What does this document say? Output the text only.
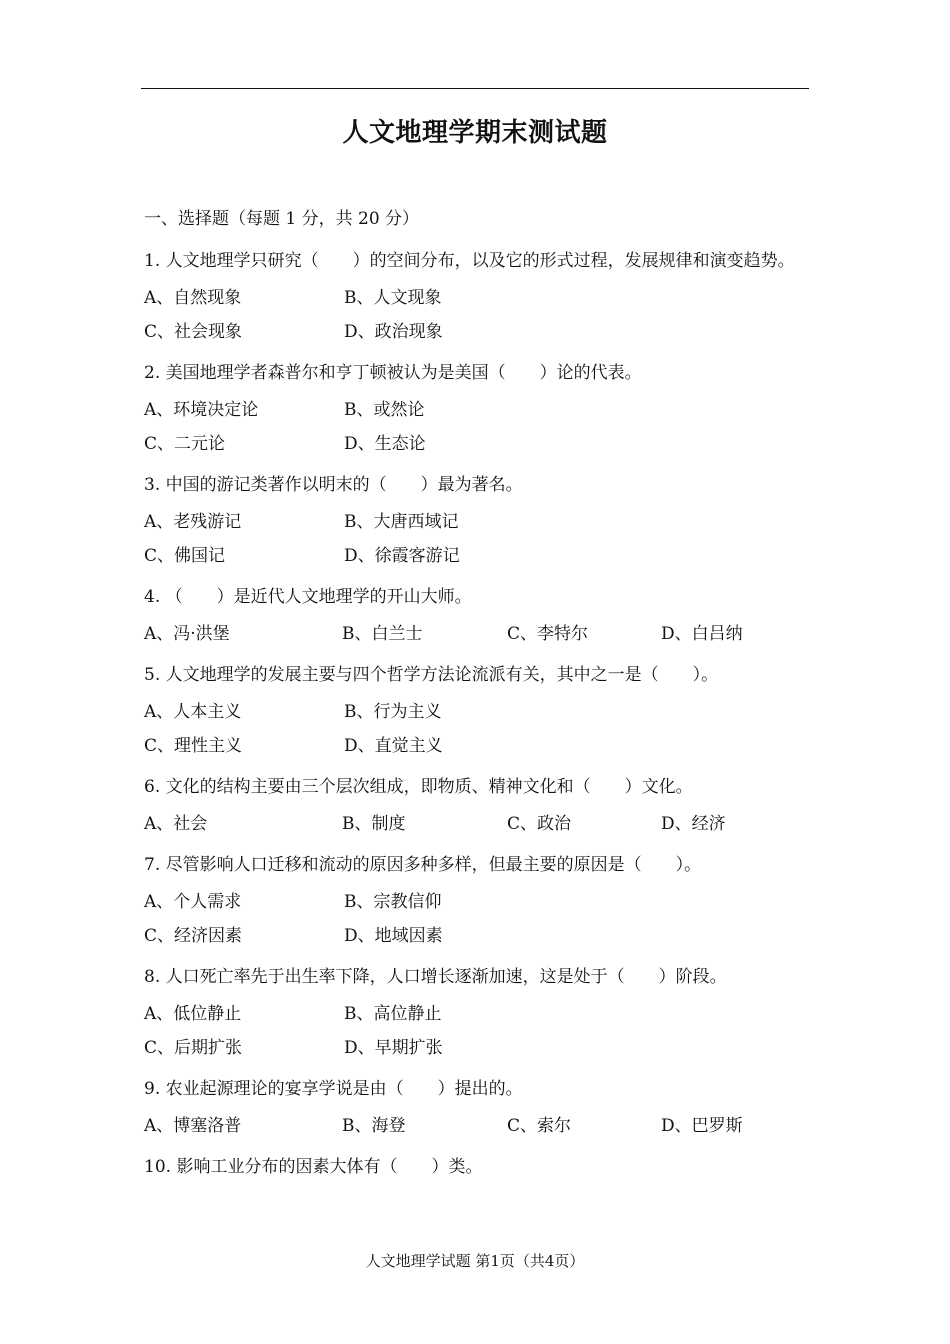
人文地理学期末测试题
一、选择题（每题 1 分，共 20 分）
1. 人文地理学只研究（　　）的空间分布，以及它的形式过程，发展规律和演变趋势。
A、自然现象	B、人文现象
C、社会现象	D、政治现象
2. 美国地理学者森普尔和亨丁顿被认为是美国（　　）论的代表。
A、环境决定论	B、或然论
C、二元论	D、生态论
3. 中国的游记类著作以明末的（　　）最为著名。
A、老残游记	B、大唐西域记
C、佛国记	D、徐霞客游记
4. （　　）是近代人文地理学的开山大师。
A、冯·洪堡	B、白兰士	C、李特尔	D、白吕纳
5. 人文地理学的发展主要与四个哲学方法论流派有关，其中之一是（　　）。
A、人本主义	B、行为主义
C、理性主义	D、直觉主义
6. 文化的结构主要由三个层次组成，即物质、精神文化和（　　）文化。
A、社会	B、制度	C、政治	D、经济
7. 尽管影响人口迁移和流动的原因多种多样，但最主要的原因是（　　）。
A、个人需求	B、宗教信仰
C、经济因素	D、地域因素
8. 人口死亡率先于出生率下降，人口增长逐渐加速，这是处于（　　）阶段。
A、低位静止	B、高位静止
C、后期扩张	D、早期扩张
9. 农业起源理论的宴享学说是由（　　）提出的。
A、博塞洛普	B、海登	C、索尔	D、巴罗斯
10. 影响工业分布的因素大体有（　　）类。
人文地理学试题 第1页（共4页）
